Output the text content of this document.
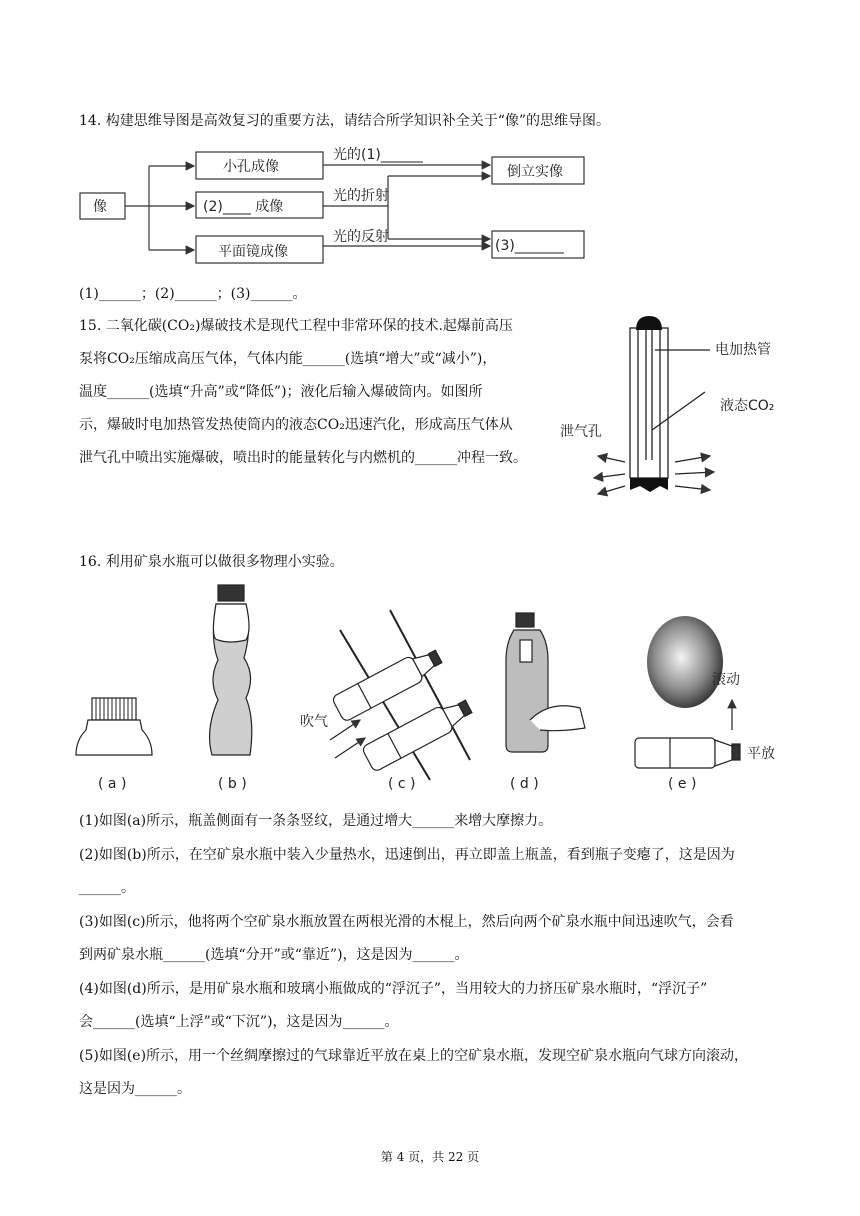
14. 构建思维导图是高效复习的重要方法，请结合所学知识补全关于“像”的思维导图。
像
小孔成像
(2)____ 成像
平面镜成像
光的(1)______
光的折射
光的反射
倒立实像
(3)_______
(1)______；(2)______；(3)______。
15. 二氧化碳(CO₂)爆破技术是现代工程中非常环保的技术.起爆前高压
泵将CO₂压缩成高压气体，气体内能______(选填“增大”或“减小”)，
温度______(选填“升高”或“降低”)；液化后输入爆破筒内。如图所
示，爆破时电加热管发热使筒内的液态CO₂迅速汽化，形成高压气体从
泄气孔中喷出实施爆破，喷出时的能量转化与内燃机的______冲程一致。
电加热管
液态CO₂
泄气孔
16. 利用矿泉水瓶可以做很多物理小实验。
吹气
滚动
平放
( a )	( b )	( c )	( d )	( e )
(1)如图(a)所示，瓶盖侧面有一条条竖纹，是通过增大______来增大摩擦力。
(2)如图(b)所示，在空矿泉水瓶中装入少量热水，迅速倒出，再立即盖上瓶盖，看到瓶子变瘪了，这是因为
______。
(3)如图(c)所示，他将两个空矿泉水瓶放置在两根光滑的木棍上，然后向两个矿泉水瓶中间迅速吹气，会看
到两矿泉水瓶______(选填“分开”或“靠近”)，这是因为______。
(4)如图(d)所示，是用矿泉水瓶和玻璃小瓶做成的“浮沉子”，当用较大的力挤压矿泉水瓶时，“浮沉子”
会______(选填“上浮”或“下沉”)，这是因为______。
(5)如图(e)所示，用一个丝绸摩擦过的气球靠近平放在桌上的空矿泉水瓶，发现空矿泉水瓶向气球方向滚动，
这是因为______。
第 4 页，共 22 页
